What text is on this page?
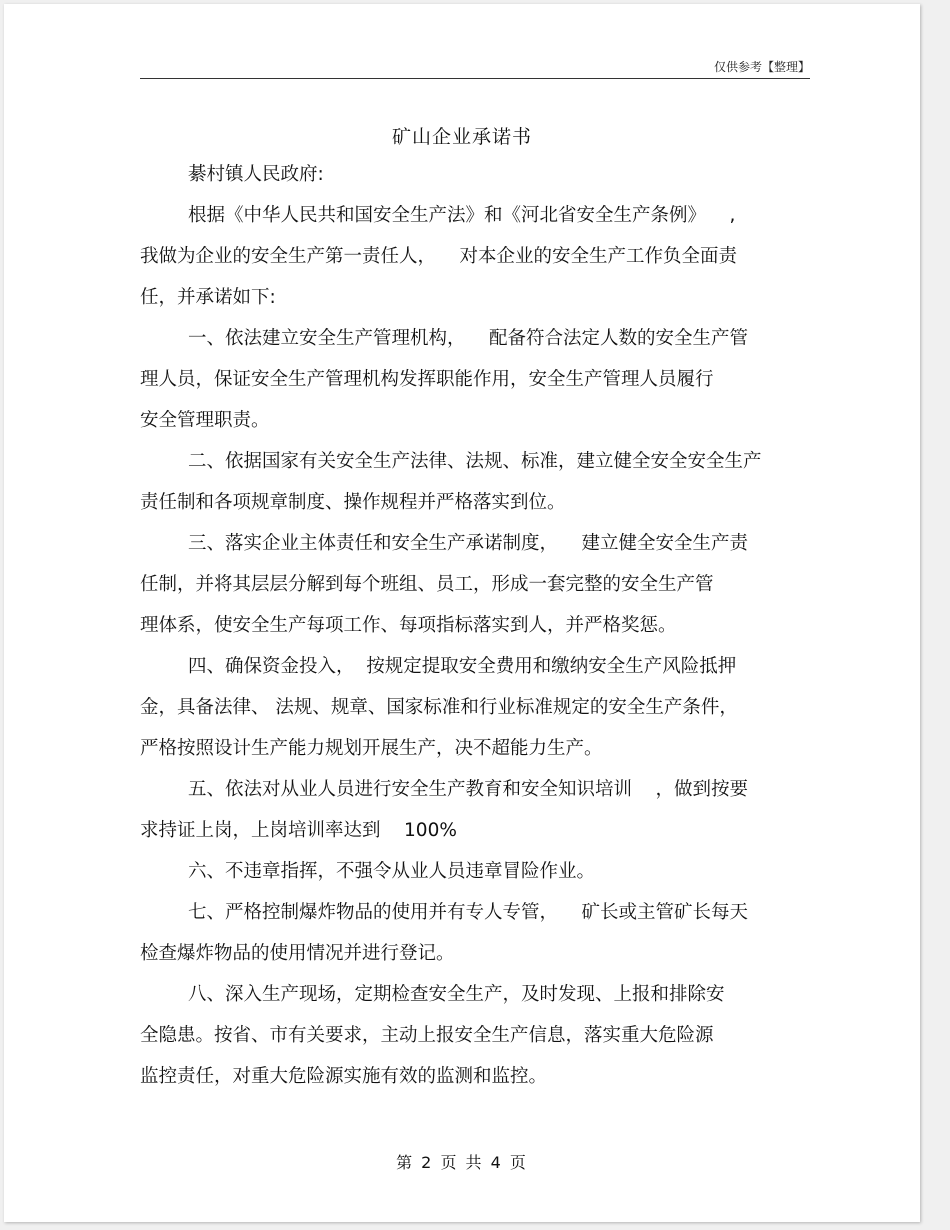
仅供参考【整理】
矿山企业承诺书
綦村镇人民政府:
根据《中华人民共和国安全生产法》和《河北省安全生产条例》    ,
我做为企业的安全生产第一责任人，    对本企业的安全生产工作负全面责
任，并承诺如下:
一、依法建立安全生产管理机构，    配备符合法定人数的安全生产管
理人员，保证安全生产管理机构发挥职能作用，安全生产管理人员履行
安全管理职责。
二、依据国家有关安全生产法律、法规、标准，建立健全安全安全生产
责任制和各项规章制度、操作规程并严格落实到位。
三、落实企业主体责任和安全生产承诺制度，    建立健全安全生产责
任制，并将其层层分解到每个班组、员工，形成一套完整的安全生产管
理体系，使安全生产每项工作、每项指标落实到人，并严格奖惩。
四、确保资金投入，  按规定提取安全费用和缴纳安全生产风险抵押
金，具备法律、 法规、规章、国家标准和行业标准规定的安全生产条件，
严格按照设计生产能力规划开展生产，决不超能力生产。
五、依法对从业人员进行安全生产教育和安全知识培训    ，做到按要
求持证上岗，上岗培训率达到    100%
六、不违章指挥，不强令从业人员违章冒险作业。
七、严格控制爆炸物品的使用并有专人专管，    矿长或主管矿长每天
检查爆炸物品的使用情况并进行登记。
八、深入生产现场，定期检查安全生产，及时发现、上报和排除安
全隐患。按省、市有关要求，主动上报安全生产信息，落实重大危险源
监控责任，对重大危险源实施有效的监测和监控。
第 2 页 共 4 页
